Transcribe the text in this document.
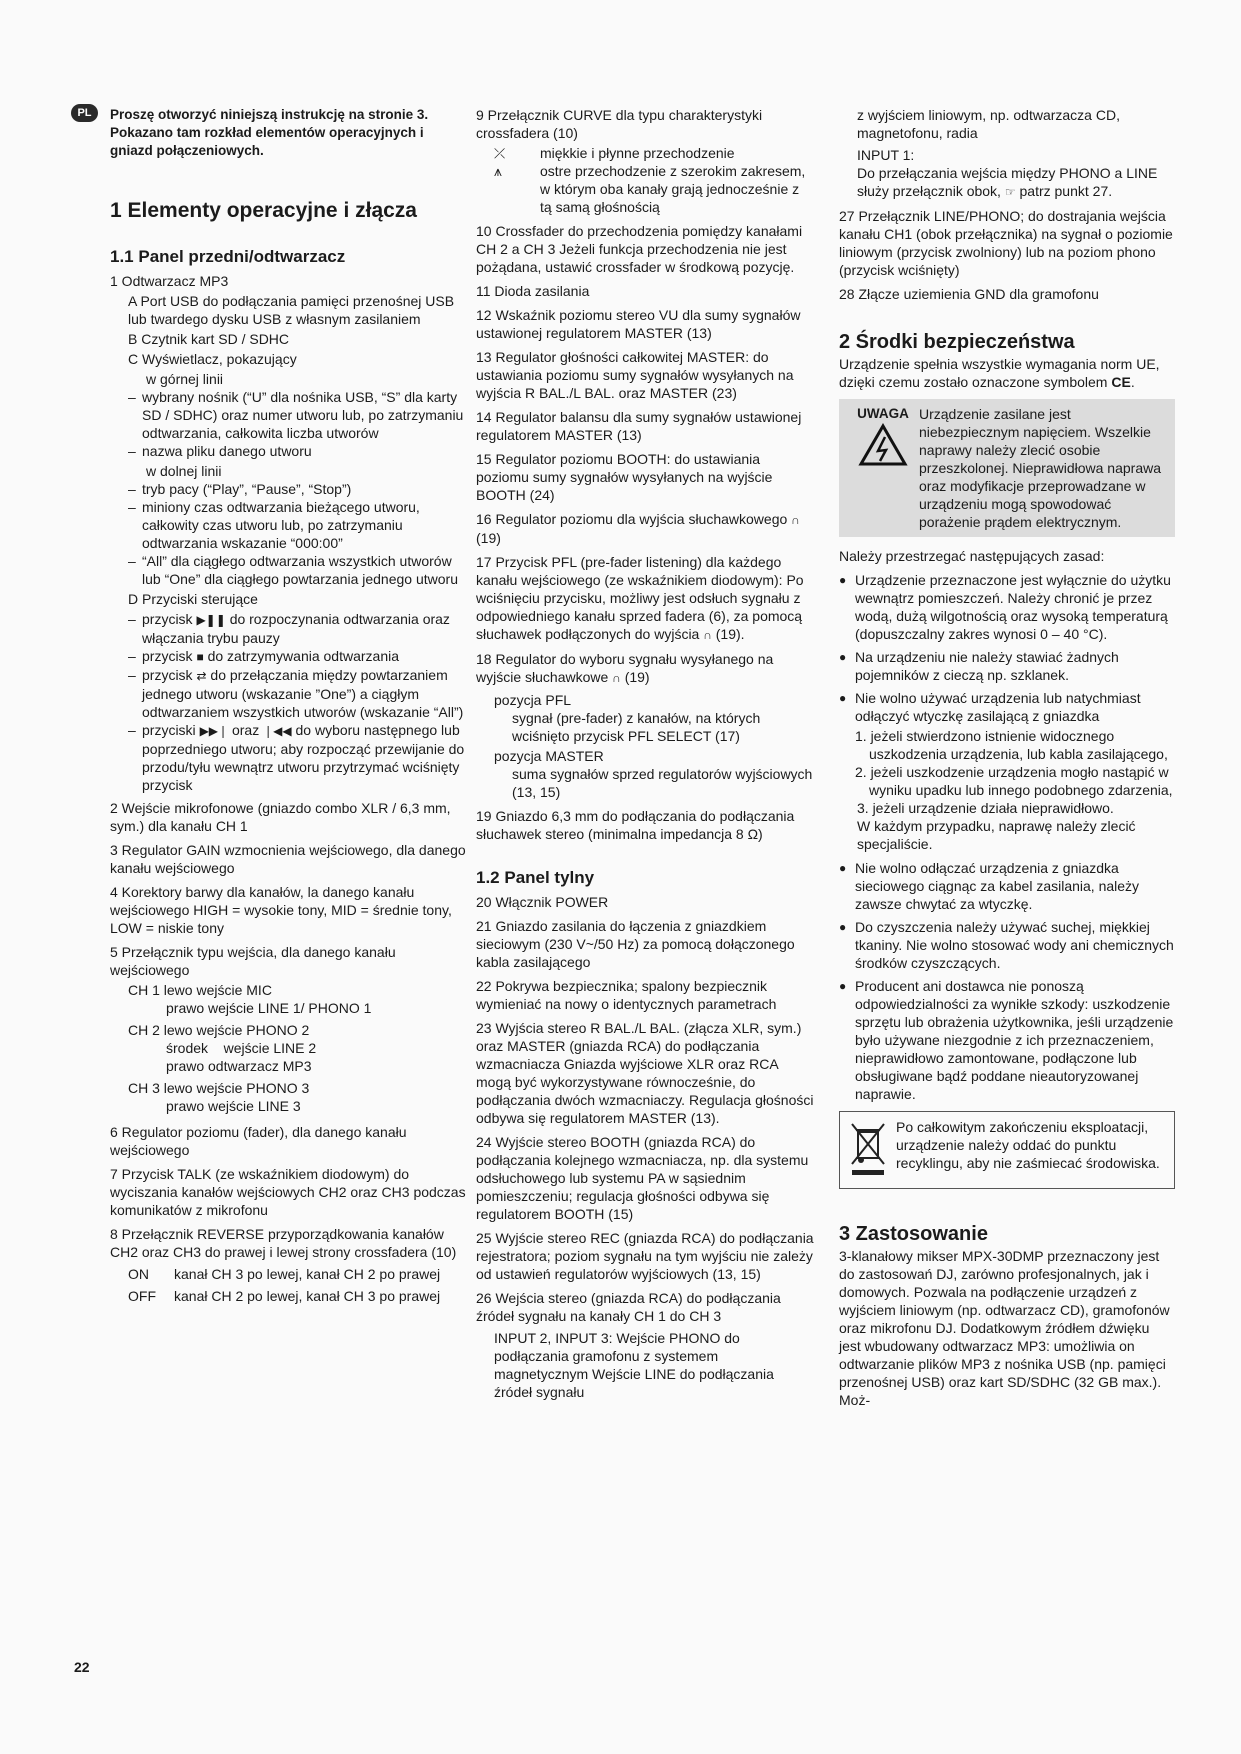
PL	Proszę otworzyć niniejszą instrukcję na stronie 3. Pokazano tam rozkład elementów operacyjnych i gniazd połączeniowych.

1 Elementy operacyjne i złącza
1.1 Panel przedni/odtwarzacz

1 Odtwarzacz MP3

A Port USB do podłączania pamięci przenośnej USB lub twardego dysku USB z własnym zasilaniem

B Czytnik kart SD / SDHC

C Wyświetlacz, pokazujący

w górnej linii

– wybrany nośnik (“U” dla nośnika USB, “S” dla karty SD / SDHC) oraz numer utworu lub, po zatrzymaniu odtwarzania, całkowita liczba utworów

– nazwa pliku danego utworu

w dolnej linii

– tryb pacy (“Play”, “Pause”, “Stop”)

– miniony czas odtwarzania bieżącego utworu, całkowity czas utworu lub, po zatrzymaniu odtwarzania wskazanie “000:00”

– “All” dla ciągłego odtwarzania wszystkich utworów lub “One” dla ciągłego powtarzania jednego utworu

D Przyciski sterujące

– przycisk ▶❚❚ do rozpoczynania odtwarzania oraz włączania trybu pauzy

– przycisk ■ do zatrzymywania odtwarzania

– przycisk ⇄ do przełączania między powtarzaniem jednego utworu (wskazanie ”One”) a ciągłym odtwarzaniem wszystkich utworów (wskazanie “All”)

– przyciski ▶▶❘ oraz ❘◀◀ do wyboru następnego lub poprzedniego utworu; aby rozpocząć przewijanie do przodu/tyłu wewnątrz utworu przytrzymać wciśnięty przycisk

2 Wejście mikrofonowe (gniazdo combo XLR / 6,3 mm, sym.) dla kanału CH 1

3 Regulator GAIN wzmocnienia wejściowego, dla danego kanału wejściowego

4 Korektory barwy dla kanałów, la danego kanału wejściowego HIGH = wysokie tony, MID = średnie tony, LOW = niskie tony

5 Przełącznik typu wejścia, dla danego kanału wejściowego

CH 1 lewo wejście MIC

prawo wejście LINE 1/ PHONO 1

CH 2 lewo wejście PHONO 2

środek    wejście LINE 2

prawo odtwarzacz MP3

CH 3 lewo wejście PHONO 3

prawo wejście LINE 3

6 Regulator poziomu (fader), dla danego kanału wejściowego

7 Przycisk TALK (ze wskaźnikiem diodowym) do wyciszania kanałów wejściowych CH2 oraz CH3 podczas komunikatów z mikrofonu

8 Przełącznik REVERSE przyporządkowania kanałów CH2 oraz CH3 do prawej i lewej strony crossfadera (10)

ON	kanał CH 3 po lewej, kanał CH 2 po prawej
OFF	kanał CH 2 po lewej, kanał CH 3 po prawej

9 Przełącznik CURVE dla typu charakterystyki crossfadera (10)

⤫	miękkie i płynne przechodzenie
⩚	ostre przechodzenie z szerokim zakresem, w którym oba kanały grają jednocześnie z tą samą głośnością

10 Crossfader do przechodzenia pomiędzy kanałami CH 2 a CH 3 Jeżeli funkcja przechodzenia nie jest pożądana, ustawić crossfader w środkową pozycję.

11 Dioda zasilania

12 Wskaźnik poziomu stereo VU dla sumy sygnałów ustawionej regulatorem MASTER (13)

13 Regulator głośności całkowitej MASTER: do ustawiania poziomu sumy sygnałów wysyłanych na wyjścia R BAL./L BAL. oraz MASTER (23)

14 Regulator balansu dla sumy sygnałów ustawionej regulatorem MASTER (13)

15 Regulator poziomu BOOTH: do ustawiania poziomu sumy sygnałów wysyłanych na wyjście BOOTH (24)

16 Regulator poziomu dla wyjścia słuchawkowego ∩ (19)

17 Przycisk PFL (pre-fader listening) dla każdego kanału wejściowego (ze wskaźnikiem diodowym): Po wciśnięciu przycisku, możliwy jest odsłuch sygnału z odpowiedniego kanału sprzed fadera (6), za pomocą słuchawek podłączonych do wyjścia ∩ (19).

18 Regulator do wyboru sygnału wysyłanego na wyjście słuchawkowe ∩ (19)

pozycja PFL

sygnał (pre-fader) z kanałów, na których wciśnięto przycisk PFL SELECT (17)

pozycja MASTER

suma sygnałów sprzed regulatorów wyjściowych (13, 15)

19 Gniazdo 6,3 mm do podłączania do podłączania słuchawek stereo (minimalna impedancja 8 Ω)

1.2 Panel tylny

20 Włącznik POWER

21 Gniazdo zasilania do łączenia z gniazdkiem sieciowym (230 V~/50 Hz) za pomocą dołączonego kabla zasilającego

22 Pokrywa bezpiecznika; spalony bezpiecznik wymieniać na nowy o identycznych parametrach

23 Wyjścia stereo R BAL./L BAL. (złącza XLR, sym.) oraz MASTER (gniazda RCA) do podłączania wzmacniacza Gniazda wyjściowe XLR oraz RCA mogą być wykorzystywane równocześnie, do podłączania dwóch wzmacniaczy. Regulacja głośności odbywa się regulatorem MASTER (13).

24 Wyjście stereo BOOTH (gniazda RCA) do podłączania kolejnego wzmacniacza, np. dla systemu odsłuchowego lub systemu PA w sąsiednim pomieszczeniu; regulacja głośności odbywa się regulatorem BOOTH (15)

25 Wyjście stereo REC (gniazda RCA) do podłączania rejestratora; poziom sygnału na tym wyjściu nie zależy od ustawień regulatorów wyjściowych (13, 15)

26 Wejścia stereo (gniazda RCA) do podłączania źródeł sygnału na kanały CH 1 do CH 3

INPUT 2, INPUT 3: Wejście PHONO do podłączania gramofonu z systemem magnetycznym Wejście LINE do podłączania źródeł sygnału

z wyjściem liniowym, np. odtwarzacza CD, magnetofonu, radia

INPUT 1:

Do przełączania wejścia między PHONO a LINE służy przełącznik obok, ☞ patrz punkt 27.

27 Przełącznik LINE/PHONO; do dostrajania wejścia kanału CH1 (obok przełącznika) na sygnał o poziomie liniowym (przycisk zwolniony) lub na poziom phono (przycisk wciśnięty)

28 Złącze uziemienia GND dla gramofonu

2 Środki bezpieczeństwa

Urządzenie spełnia wszystkie wymagania norm UE, dzięki czemu zostało oznaczone symbolem CE.

UWAGA Urządzenie zasilane jest niebezpiecznym napięciem. Wszelkie naprawy należy zlecić osobie przeszkolonej. Nieprawidłowa naprawa oraz modyfikacje przeprowadzane w urządzeniu mogą spowodować porażenie prądem elektrycznym.

Należy przestrzegać następujących zasad:

● Urządzenie przeznaczone jest wyłącznie do użytku wewnątrz pomieszczeń. Należy chronić je przez wodą, dużą wilgotnością oraz wysoką temperaturą (dopuszczalny zakres wynosi 0 – 40 °C).

● Na urządzeniu nie należy stawiać żadnych pojemników z cieczą np. szklanek.

● Nie wolno używać urządzenia lub natychmiast odłączyć wtyczkę zasilającą z gniazdka

1. jeżeli stwierdzono istnienie widocznego uszkodzenia urządzenia, lub kabla zasilającego,

2. jeżeli uszkodzenie urządzenia mogło nastąpić w wyniku upadku lub innego podobnego zdarzenia,

3. jeżeli urządzenie działa nieprawidłowo.

W każdym przypadku, naprawę należy zlecić specjaliście.

● Nie wolno odłączać urządzenia z gniazdka sieciowego ciągnąc za kabel zasilania, należy zawsze chwytać za wtyczkę.

● Do czyszczenia należy używać suchej, miękkiej tkaniny. Nie wolno stosować wody ani chemicznych środków czyszczących.

● Producent ani dostawca nie ponoszą odpowiedzialności za wynikłe szkody: uszkodzenie sprzętu lub obrażenia użytkownika, jeśli urządzenie było używane niezgodnie z ich przeznaczeniem, nieprawidłowo zamontowane, podłączone lub obsługiwane bądź poddane nieautoryzowanej naprawie.

Po całkowitym zakończeniu eksploatacji, urządzenie należy oddać do punktu recyklingu, aby nie zaśmiecać środowiska.

3 Zastosowanie

3-klanałowy mikser MPX-30DMP przeznaczony jest do zastosowań DJ, zarówno profesjonalnych, jak i domowych. Pozwala na podłączenie urządzeń z wyjściem liniowym (np. odtwarzacz CD), gramofonów oraz mikrofonu DJ. Dodatkowym źródłem dźwięku jest wbudowany odtwarzacz MP3: umożliwia on odtwarzanie plików MP3 z nośnika USB (np. pamięci przenośnej USB) oraz kart SD/SDHC (32 GB max.). Moż-

22
